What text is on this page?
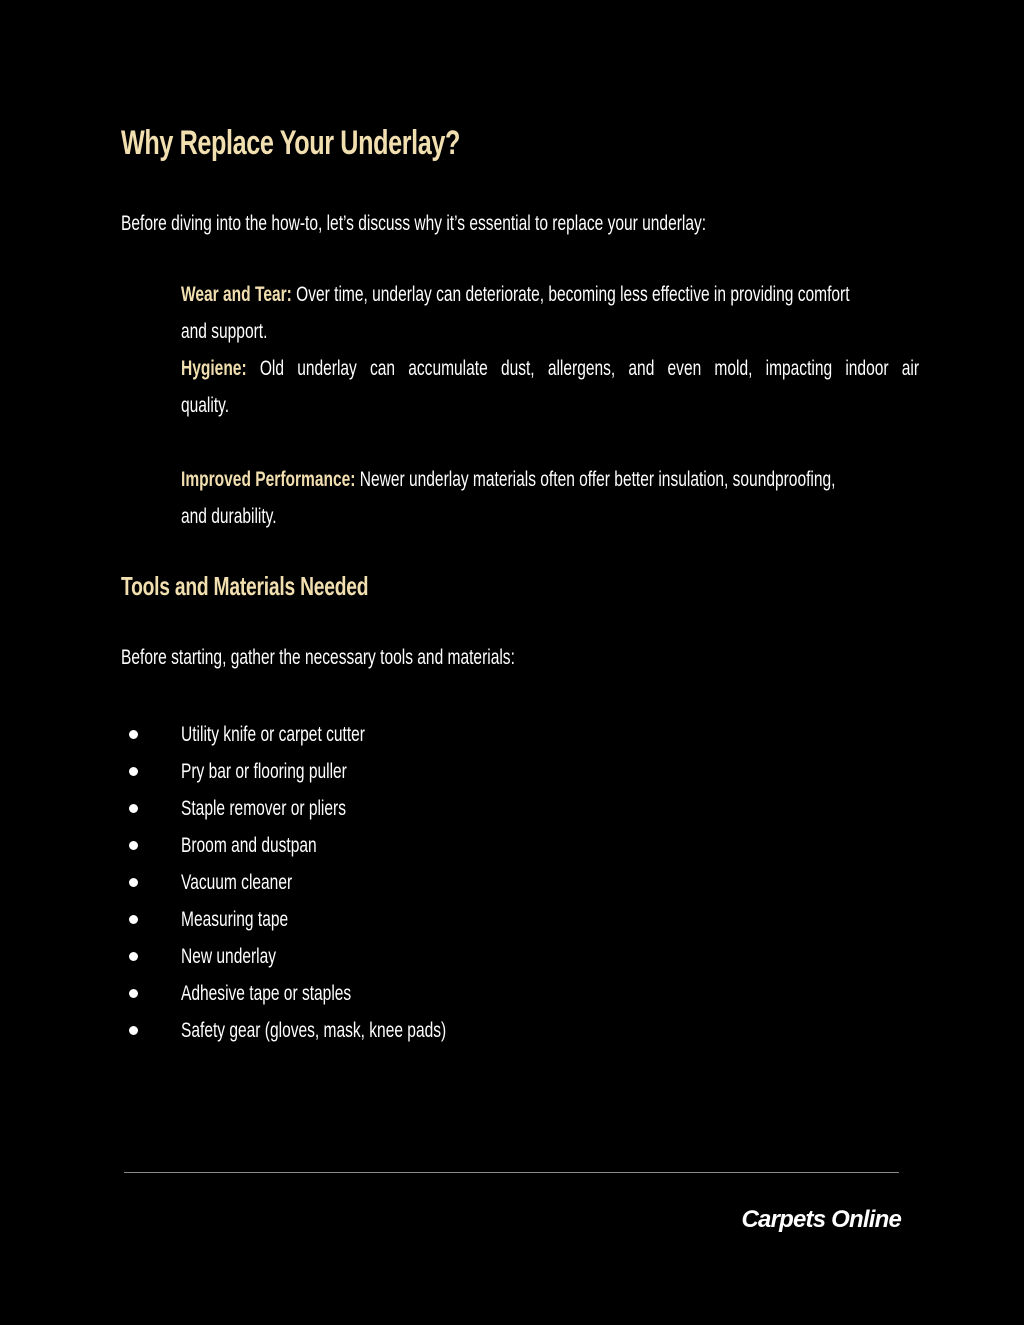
Why Replace Your Underlay?
Before diving into the how-to, let’s discuss why it’s essential to replace your underlay:
Wear and Tear: Over time, underlay can deteriorate, becoming less effective in providing comfort
and support.
Hygiene: Old underlay can accumulate dust, allergens, and even mold, impacting indoor air
quality.
Improved Performance: Newer underlay materials often offer better insulation, soundproofing,
and durability.
Tools and Materials Needed
Before starting, gather the necessary tools and materials:
Utility knife or carpet cutter
Pry bar or flooring puller
Staple remover or pliers
Broom and dustpan
Vacuum cleaner
Measuring tape
New underlay
Adhesive tape or staples
Safety gear (gloves, mask, knee pads)
Carpets Online
